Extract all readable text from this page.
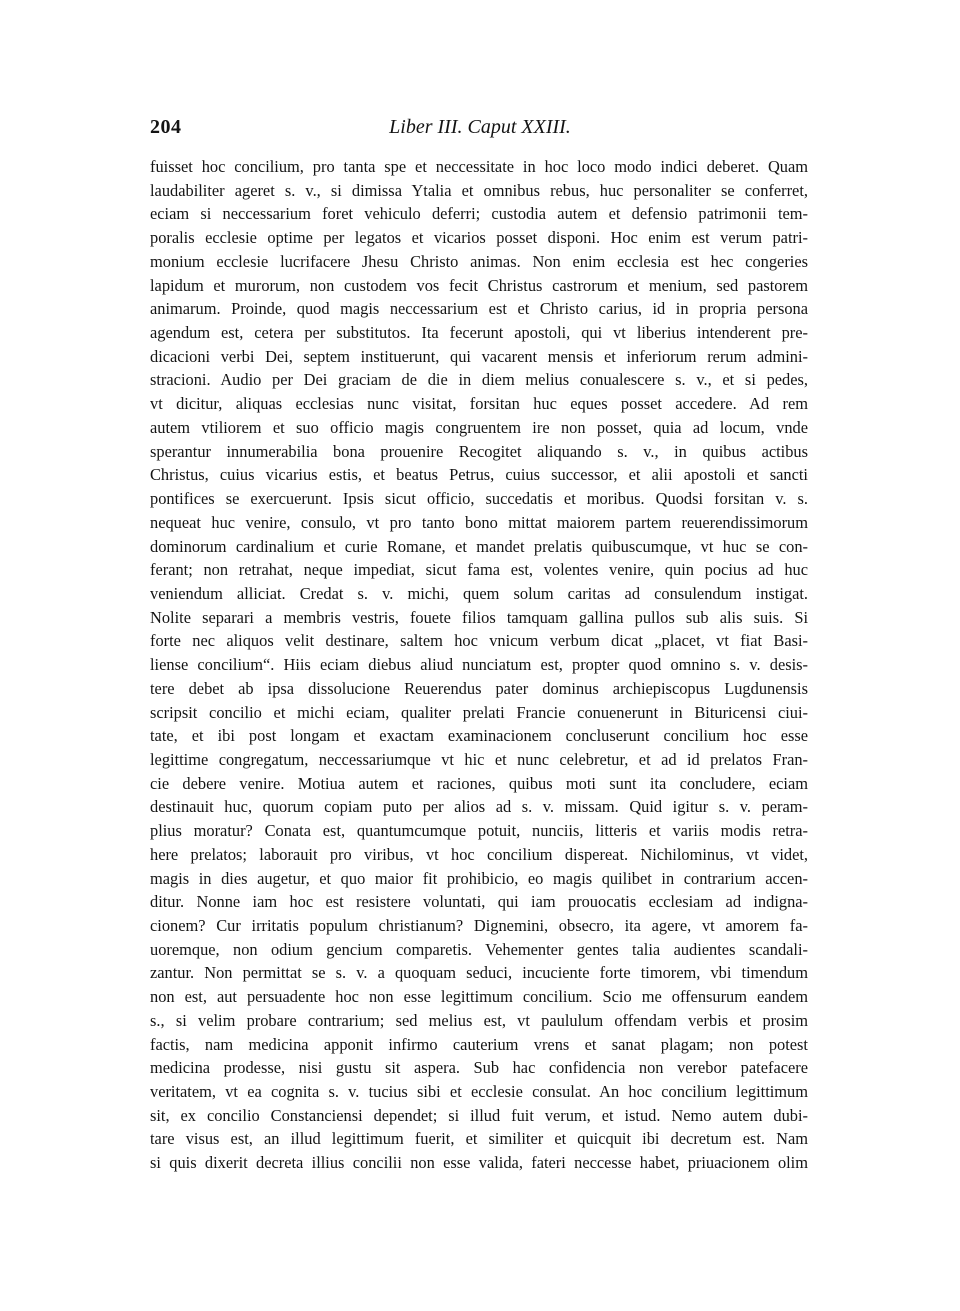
204	Liber III. Caput XXIII.
fuisset hoc concilium, pro tanta spe et neccessitate in hoc loco modo indici deberet. Quam
laudabiliter ageret s. v., si dimissa Ytalia et omnibus rebus, huc personaliter se conferret,
eciam si neccessarium foret vehiculo deferri; custodia autem et defensio patrimonii tem-
poralis ecclesie optime per legatos et vicarios posset disponi. Hoc enim est verum patri-
monium ecclesie lucrifacere Jhesu Christo animas. Non enim ecclesia est hec congeries
lapidum et murorum, non custodem vos fecit Christus castrorum et menium, sed pastorem
animarum. Proinde, quod magis neccessarium est et Christo carius, id in propria persona
agendum est, cetera per substitutos. Ita fecerunt apostoli, qui vt liberius intenderent pre-
dicacioni verbi Dei, septem instituerunt, qui vacarent mensis et inferiorum rerum admini-
stracioni. Audio per Dei graciam de die in diem melius conualescere s. v., et si pedes,
vt dicitur, aliquas ecclesias nunc visitat, forsitan huc eques posset accedere. Ad rem
autem vtiliorem et suo officio magis congruentem ire non posset, quia ad locum, vnde
sperantur innumerabilia bona prouenire Recogitet aliquando s. v., in quibus actibus
Christus, cuius vicarius estis, et beatus Petrus, cuius successor, et alii apostoli et sancti
pontifices se exercuerunt. Ipsis sicut officio, succedatis et moribus. Quodsi forsitan v. s.
nequeat huc venire, consulo, vt pro tanto bono mittat maiorem partem reuerendissimorum
dominorum cardinalium et curie Romane, et mandet prelatis quibuscumque, vt huc se con-
ferant; non retrahat, neque impediat, sicut fama est, volentes venire, quin pocius ad huc
veniendum alliciat. Credat s. v. michi, quem solum caritas ad consulendum instigat.
Nolite separari a membris vestris, fouete filios tamquam gallina pullos sub alis suis. Si
forte nec aliquos velit destinare, saltem hoc vnicum verbum dicat „placet, vt fiat Basi-
liense concilium“. Hiis eciam diebus aliud nunciatum est, propter quod omnino s. v. desis-
tere debet ab ipsa dissolucione Reuerendus pater dominus archiepiscopus Lugdunensis
scripsit concilio et michi eciam, qualiter prelati Francie conuenerunt in Bituricensi ciui-
tate, et ibi post longam et exactam examinacionem concluserunt concilium hoc esse
legittime congregatum, neccessariumque vt hic et nunc celebretur, et ad id prelatos Fran-
cie debere venire. Motiua autem et raciones, quibus moti sunt ita concludere, eciam
destinauit huc, quorum copiam puto per alios ad s. v. missam. Quid igitur s. v. peram-
plius moratur? Conata est, quantumcumque potuit, nunciis, litteris et variis modis retra-
here prelatos; laborauit pro viribus, vt hoc concilium dispereat. Nichilominus, vt videt,
magis in dies augetur, et quo maior fit prohibicio, eo magis quilibet in contrarium accen-
ditur. Nonne iam hoc est resistere voluntati, qui iam prouocatis ecclesiam ad indigna-
cionem? Cur irritatis populum christianum? Dignemini, obsecro, ita agere, vt amorem fa-
uoremque, non odium gencium comparetis. Vehementer gentes talia audientes scandali-
zantur. Non permittat se s. v. a quoquam seduci, incuciente forte timorem, vbi timendum
non est, aut persuadente hoc non esse legittimum concilium. Scio me offensurum eandem
s., si velim probare contrarium; sed melius est, vt paululum offendam verbis et prosim
factis, nam medicina apponit infirmo cauterium vrens et sanat plagam; non potest
medicina prodesse, nisi gustu sit aspera. Sub hac confidencia non verebor patefacere
veritatem, vt ea cognita s. v. tucius sibi et ecclesie consulat. An hoc concilium legittimum
sit, ex concilio Constanciensi dependet; si illud fuit verum, et istud. Nemo autem dubi-
tare visus est, an illud legittimum fuerit, et similiter et quicquit ibi decretum est. Nam
si quis dixerit decreta illius concilii non esse valida, fateri neccesse habet, priuacionem olim
